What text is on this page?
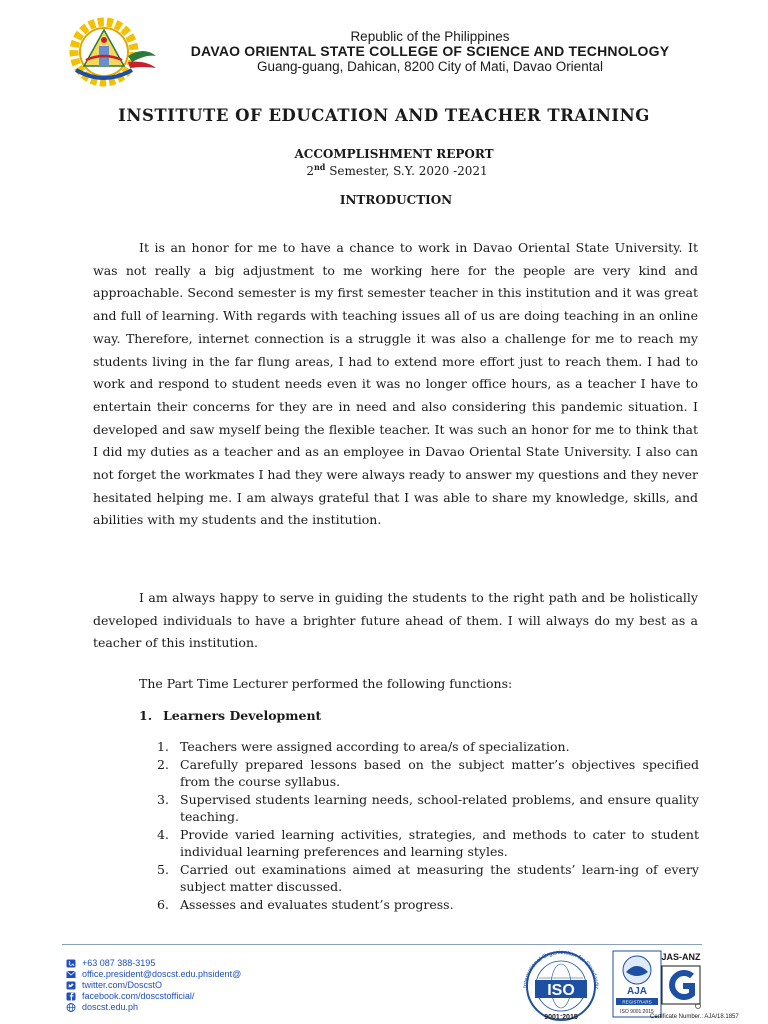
Republic of the Philippines
DAVAO ORIENTAL STATE COLLEGE OF SCIENCE AND TECHNOLOGY
Guang-guang, Dahican, 8200 City of Mati, Davao Oriental
INSTITUTE OF EDUCATION AND TEACHER TRAINING
ACCOMPLISHMENT REPORT
2nd Semester, S.Y. 2020 -2021
INTRODUCTION

It is an honor for me to have a chance to work in Davao Oriental State University. It was not really a big adjustment to me working here for the people are very kind and approachable. Second semester is my first semester teacher in this institution and it was great and full of learning. With regards with teaching issues all of us are doing teaching in an online way. Therefore, internet connection is a struggle it was also a challenge for me to reach my students living in the far flung areas, I had to extend more effort just to reach them. I had to work and respond to student needs even it was no longer office hours, as a teacher I have to entertain their concerns for they are in need and also considering this pandemic situation. I developed and saw myself being the flexible teacher. It was such an honor for me to think that I did my duties as a teacher and as an employee in Davao Oriental State University. I also can not forget the workmates I had they were always ready to answer my questions and they never hesitated helping me. I am always grateful that I was able to share my knowledge, skills, and abilities with my students and the institution.

I am always happy to serve in guiding the students to the right path and be holistically developed individuals to have a brighter future ahead of them. I will always do my best as a teacher of this institution.

The Part Time Lecturer performed the following functions:

1. Learners Development
1. Teachers were assigned according to area/s of specialization.
2. Carefully prepared lessons based on the subject matter’s objectives specified from the course syllabus.
3. Supervised students learning needs, school-related problems, and ensure quality teaching.
4. Provide varied learning activities, strategies, and methods to cater to student individual learning preferences and learning styles.
5. Carried out examinations aimed at measuring the students’ learn-ing of every subject matter discussed.
6. Assesses and evaluates student’s progress.
+63 087 388-3195
office.president@doscst.edu.phsident@
twitter.com/DoscstO
facebook.com/doscstofficial/
doscst.edu.ph
International Organization for Standardiz
ISO
9001:2015
AJA
REGISTRARS
ISO 9001:2015
JAS-ANZ
Certificate Number.: AJA/18.1857
